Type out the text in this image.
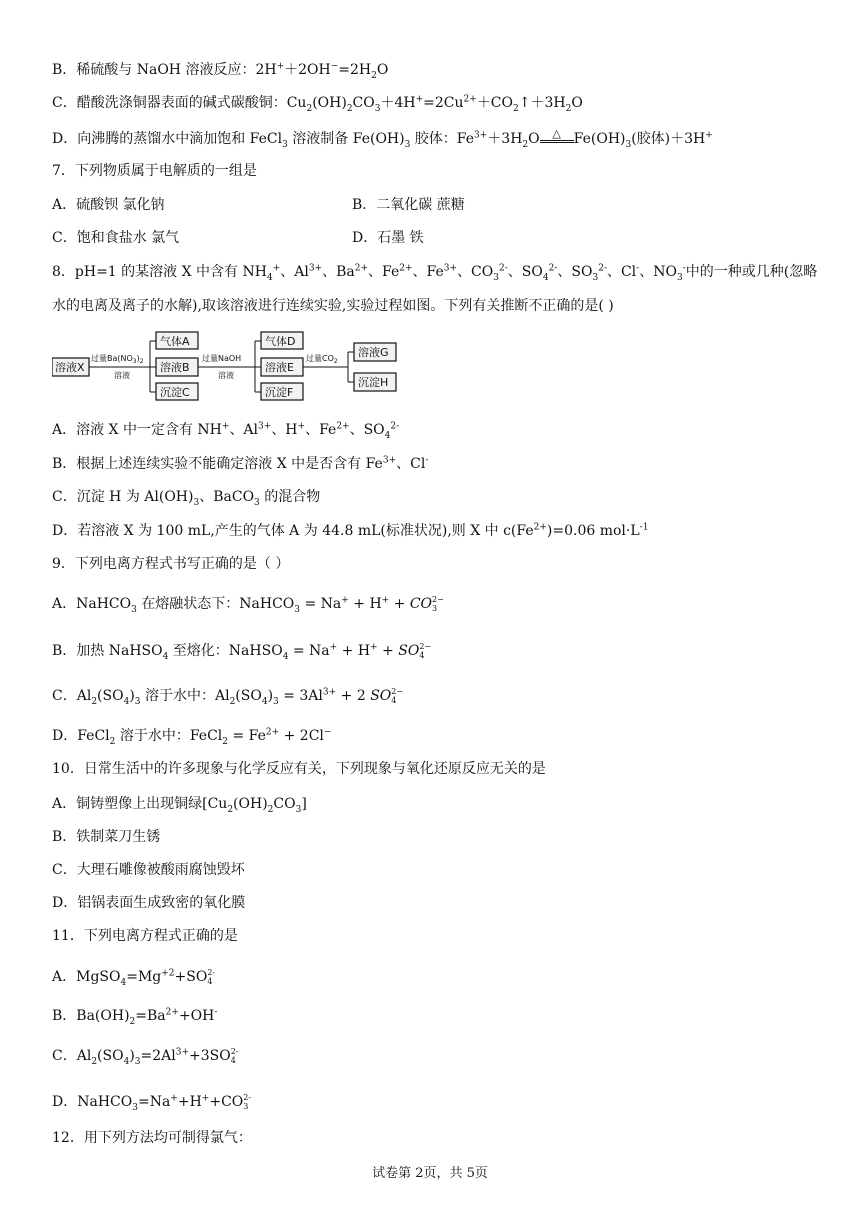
B．稀硫酸与 NaOH 溶液反应：$2H^++2OH^-=2H_2O$
C．醋酸洗涤铜器表面的碱式碳酸铜：$Cu_2(OH)_2CO_3+4H^+=2Cu^{2+}+CO_2↑+3H_2O$
D．向沸腾的蒸馏水中滴加饱和 FeCl$_3$ 溶液制备 $Fe(OH)_3$ 胶体：$Fe^{3+}+3H_2O$ △ $Fe(OH)_3$(胶体)＋3H+
7．下列物质属于电解质的一组是
A．硫酸钡 氯化钠	B．二氧化碳 蔗糖
C．饱和食盐水 氯气	D．石墨 铁
8．pH=1 的某溶液 X 中含有 $NH_4^+$、$Al^{3+}$、$Ba^{2+}$、$Fe^{2+}$、$Fe^{3+}$、$CO_3^{2-}$、$SO_4^{2-}$、$SO_3^{2-}$、Cl-、$NO_3^-$中的一种或几种(忽略
水的电离及离子的水解),取该溶液进行连续实验,实验过程如图。下列有关推断不正确的是( )
溶液X
过量$Ba(NO_3)_2$
溶液
气体A
溶液B
沉淀C
过量NaOH
溶液
气体D
溶液E
沉淀F
过量$CO_2$
溶液G
沉淀H
A．溶液 X 中一定含有 NH+、$Al^{3+}$、H+、$Fe^{2+}$、$SO_4^{2-}$
B．根据上述连续实验不能确定溶液 X 中是否含有 $Fe^{3+}$、Cl-
C．沉淀 H 为 $Al(OH)_3$、BaCO$_3$ 的混合物
D．若溶液 X 为 100 mL,产生的气体 A 为 44.8 mL(标准状况),则 X 中 $c(Fe^{2+})=0.06$ $mol\cdot L^{-1}$
9．下列电离方程式书写正确的是（ ）
A．NaHCO$_3$ 在熔融状态下：NaHCO$_3$ = Na+ + H+ + CO 2−
3
B．加热 NaHSO$_4$ 至熔化：NaHSO$_4$ = Na+ + H+ + SO 2−
4
C．$Al_2(SO_4)_3$ 溶于水中：$Al_2(SO_4)_3 = 3Al^{3+} + 2$ SO 2−
4
D．FeCl$_2$ 溶于水中：FeCl$_2$ = $Fe^{2+} + 2Cl^-$
10．日常生活中的许多现象与化学反应有关，下列现象与氧化还原反应无关的是
A．铜铸塑像上出现铜绿$[Cu_2(OH)_2CO_3]$
B．铁制菜刀生锈
C．大理石雕像被酸雨腐蚀毁坏
D．铝锅表面生成致密的氧化膜
11．下列电离方程式正确的是
A．$MgSO_4=Mg^{+2}+SO$ 2-
4
B．$Ba(OH)_2=Ba^{2+}+OH^-$
C．$Al_2(SO_4)_3=2Al^{3+}+3SO$ 2-
4
D．NaHCO$_3$=Na++H++CO 2-
3
12．用下列方法均可制得氯气：
试卷第 2页，共 5页
